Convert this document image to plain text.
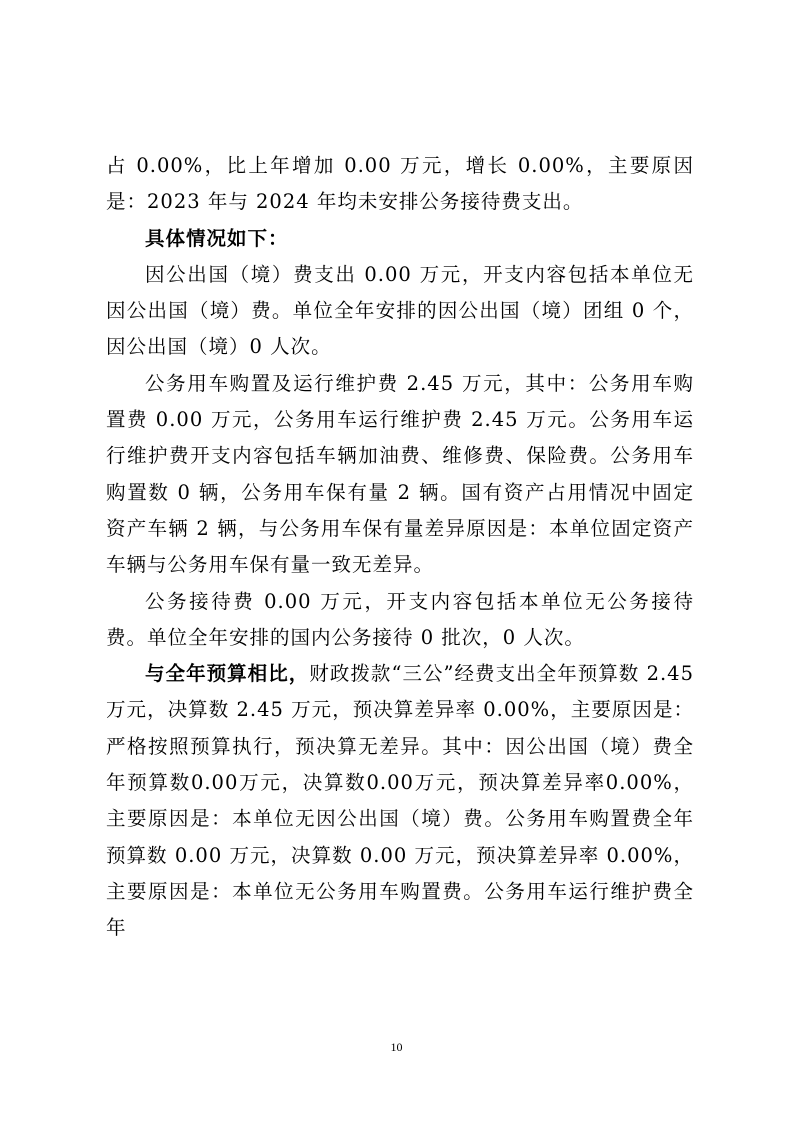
占 0.00%，比上年增加 0.00 万元，增长 0.00%，主要原因是：2023 年与 2024 年均未安排公务接待费支出。

具体情况如下：

因公出国（境）费支出 0.00 万元，开支内容包括本单位无因公出国（境）费。单位全年安排的因公出国（境）团组 0 个，因公出国（境）0 人次。

公务用车购置及运行维护费 2.45 万元，其中：公务用车购置费 0.00 万元，公务用车运行维护费 2.45 万元。公务用车运行维护费开支内容包括车辆加油费、维修费、保险费。公务用车购置数 0 辆，公务用车保有量 2 辆。国有资产占用情况中固定资产车辆 2 辆，与公务用车保有量差异原因是：本单位固定资产车辆与公务用车保有量一致无差异。

公务接待费 0.00 万元，开支内容包括本单位无公务接待费。单位全年安排的国内公务接待 0 批次，0 人次。

与全年预算相比，财政拨款“三公”经费支出全年预算数 2.45 万元，决算数 2.45 万元，预决算差异率 0.00%，主要原因是：严格按照预算执行，预决算无差异。其中：因公出国（境）费全年预算数0.00万元，决算数0.00万元，预决算差异率0.00%，主要原因是：本单位无因公出国（境）费。公务用车购置费全年预算数 0.00 万元，决算数 0.00 万元，预决算差异率 0.00%，主要原因是：本单位无公务用车购置费。公务用车运行维护费全年

10
